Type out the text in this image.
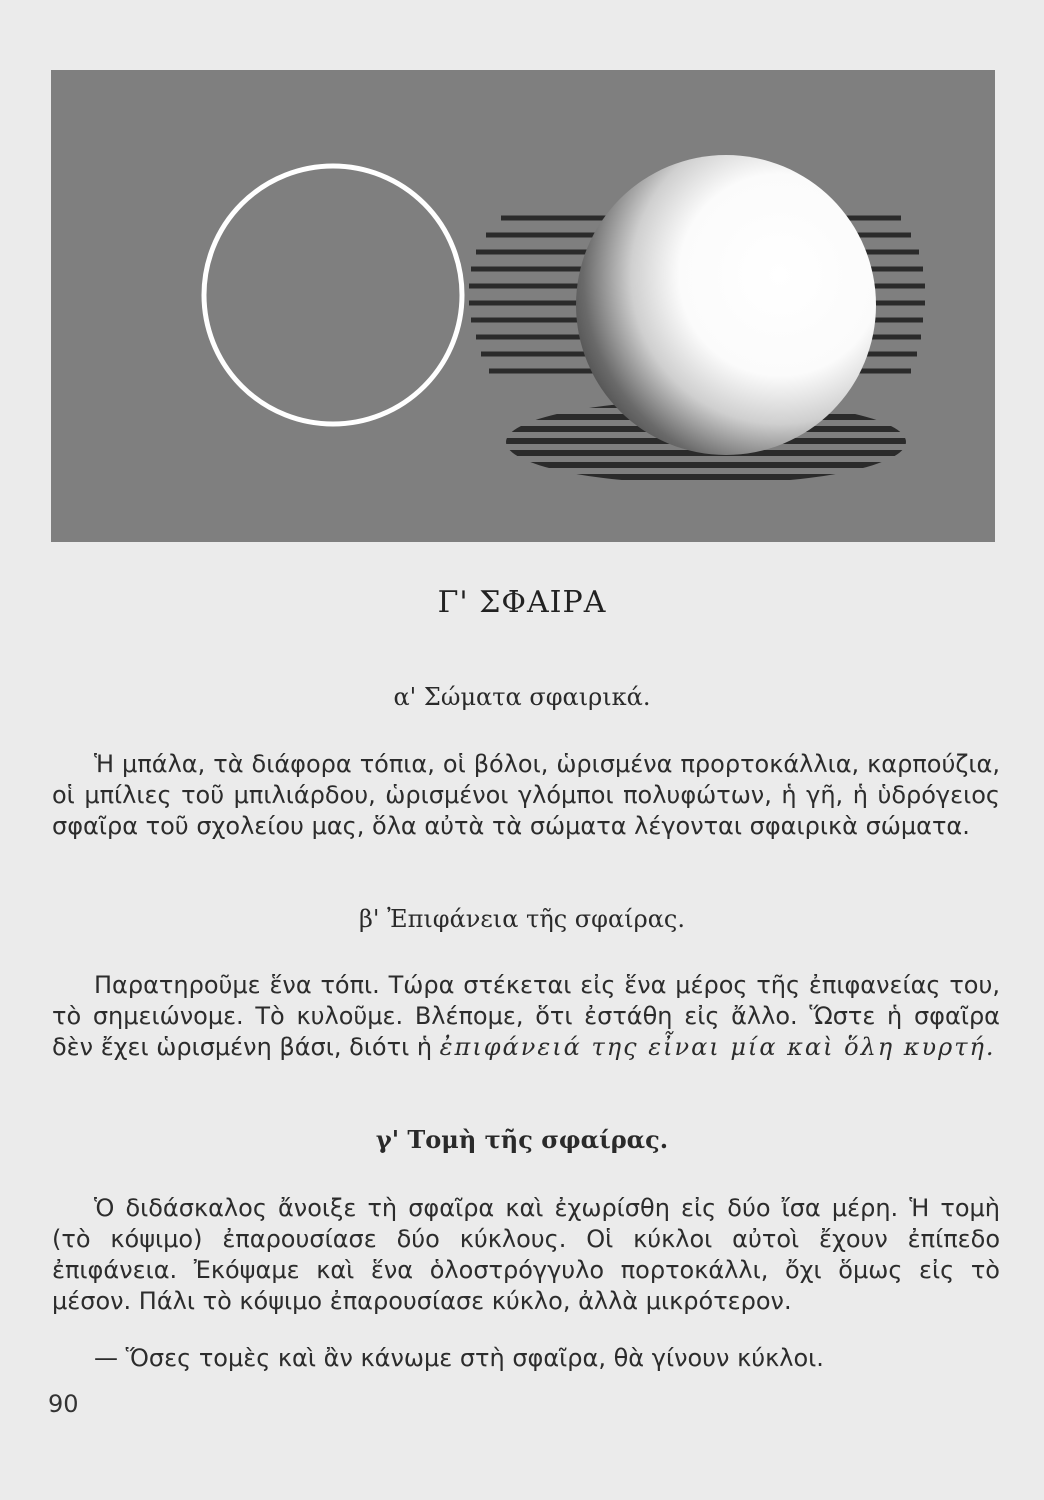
Γ' ΣΦΑΙΡΑ
α' Σώματα σφαιρικά.

Ἡ μπάλα, τὰ διάφορα τόπια, οἱ βόλοι, ὡρισμένα προρτοκάλλια, καρπούζια, οἱ μπίλιες τοῦ μπιλιάρδου, ὡρισμένοι γλόμποι πολυφώτων, ἡ γῆ, ἡ ὑδρόγειος σφαῖρα τοῦ σχολείου μας, ὅλα αὐτὰ τὰ σώματα λέγονται σφαιρικὰ σώματα.

β' Ἐπιφάνεια τῆς σφαίρας.

Παρατηροῦμε ἕνα τόπι. Τώρα στέκεται εἰς ἕνα μέρος τῆς ἐπιφανείας του, τὸ σημειώνομε. Τὸ κυλοῦμε. Βλέπομε, ὅτι ἐστάθη εἰς ἄλλο. Ὥστε ἡ σφαῖρα δὲν ἔχει ὡρισμένη βάσι, διότι ἡ ἐπιφάνειά της εἶναι μία καὶ ὅλη κυρτή.

γ' Τομὴ τῆς σφαίρας.

Ὁ διδάσκαλος ἄνοιξε τὴ σφαῖρα καὶ ἐχωρίσθη εἰς δύο ἴσα μέρη. Ἡ τομὴ (τὸ κόψιμο) ἐπαρουσίασε δύο κύκλους. Οἱ κύκλοι αὐτοὶ ἔχουν ἐπίπεδο ἐπιφάνεια. Ἐκόψαμε καὶ ἕνα ὁλοστρόγγυλο πορτοκάλλι, ὄχι ὅμως εἰς τὸ μέσον. Πάλι τὸ κόψιμο ἐπαρουσίασε κύκλο, ἀλλὰ μικρότερον.

— Ὅσες τομὲς καὶ ἂν κάνωμε στὴ σφαῖρα, θὰ γίνουν κύκλοι.

90
